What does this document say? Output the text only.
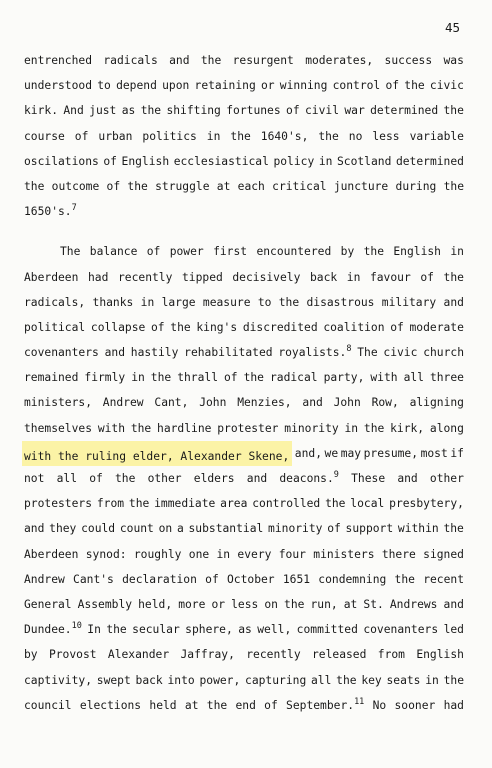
45
entrenched radicals and the resurgent moderates, success was
understood to depend upon retaining or winning control of the civic
kirk. And just as the shifting fortunes of civil war determined the
course of urban politics in the 1640's, the no less variable
oscilations of English ecclesiastical policy in Scotland determined
the outcome of the struggle at each critical juncture during the
1650's.$^7$
The balance of power first encountered by the English in
Aberdeen had recently tipped decisively back in favour of the
radicals, thanks in large measure to the disastrous military and
political collapse of the king's discredited coalition of moderate
covenanters and hastily rehabilitated royalists.$^8$ The civic church
remained firmly in the thrall of the radical party, with all three
ministers, Andrew Cant, John Menzies, and John Row, aligning
themselves with the hardline protester minority in the kirk, along
with the ruling elder, Alexander Skene, and, we may presume, most if
not all of the other elders and deacons.$^9$ These and other
protesters from the immediate area controlled the local presbytery,
and they could count on a substantial minority of support within the
Aberdeen synod: roughly one in every four ministers there signed
Andrew Cant's declaration of October 1651 condemning the recent
General Assembly held, more or less on the run, at St. Andrews and
Dundee.$^{10}$ In the secular sphere, as well, committed covenanters led
by Provost Alexander Jaffray, recently released from English
captivity, swept back into power, capturing all the key seats in the
council elections held at the end of September.$^{11}$ No sooner had
